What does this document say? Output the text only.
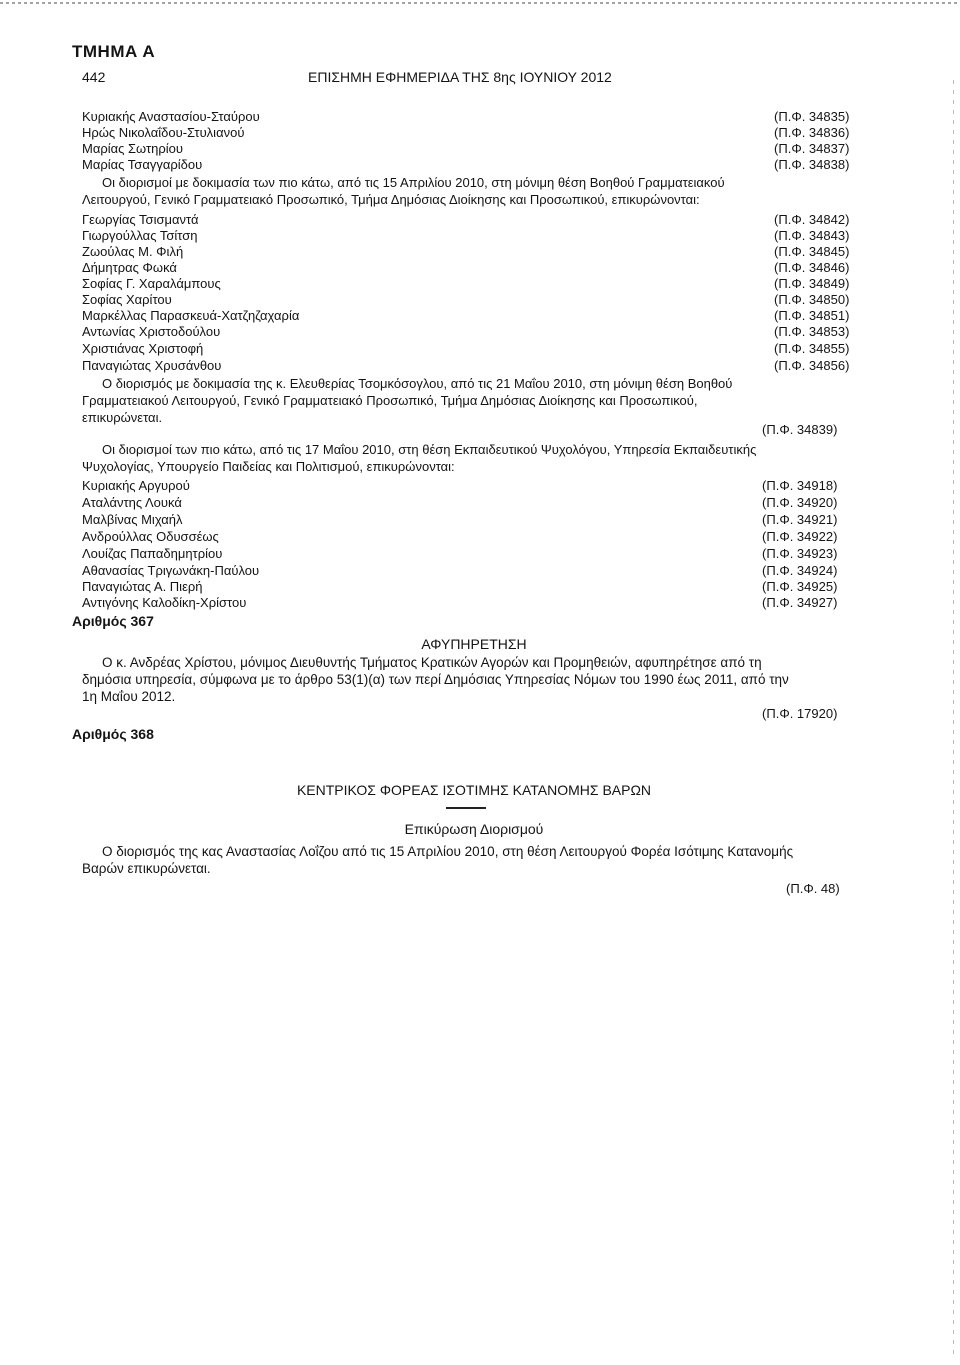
ΤΜΗΜΑ Α
442	ΕΠΙΣΗΜΗ ΕΦΗΜΕΡΙΔΑ ΤΗΣ 8ης ΙΟΥΝΙΟΥ 2012
Κυριακής Αναστασίου-Σταύρου	(Π.Φ. 34835)
Ηρώς Νικολαΐδου-Στυλιανού	(Π.Φ. 34836)
Μαρίας Σωτηρίου	(Π.Φ. 34837)
Μαρίας Τσαγγαρίδου	(Π.Φ. 34838)
Οι διορισμοί με δοκιμασία των πιο κάτω, από τις 15 Απριλίου 2010, στη μόνιμη θέση Βοηθού Γραμματειακού
Λειτουργού, Γενικό Γραμματειακό Προσωπικό, Τμήμα Δημόσιας Διοίκησης και Προσωπικού, επικυρώνονται:
Γεωργίας Τσισμαντά	(Π.Φ. 34842)
Γιωργούλλας Τσίτση	(Π.Φ. 34843)
Ζωούλας Μ. Φιλή	(Π.Φ. 34845)
Δήμητρας Φωκά	(Π.Φ. 34846)
Σοφίας Γ. Χαραλάμπους	(Π.Φ. 34849)
Σοφίας Χαρίτου	(Π.Φ. 34850)
Μαρκέλλας Παρασκευά-Χατζηζαχαρία	(Π.Φ. 34851)
Αντωνίας Χριστοδούλου	(Π.Φ. 34853)
Χριστιάνας Χριστοφή	(Π.Φ. 34855)
Παναγιώτας Χρυσάνθου	(Π.Φ. 34856)
Ο διορισμός με δοκιμασία της κ. Ελευθερίας Τσομκόσογλου, από τις 21 Μαΐου 2010, στη μόνιμη θέση Βοηθού
Γραμματειακού Λειτουργού, Γενικό Γραμματειακό Προσωπικό, Τμήμα Δημόσιας Διοίκησης και Προσωπικού,
επικυρώνεται.
(Π.Φ. 34839)
Οι διορισμοί των πιο κάτω, από τις 17 Μαΐου 2010, στη θέση Εκπαιδευτικού Ψυχολόγου, Υπηρεσία Εκπαιδευτικής
Ψυχολογίας, Υπουργείο Παιδείας και Πολιτισμού, επικυρώνονται:
Κυριακής Αργυρού	(Π.Φ. 34918)
Αταλάντης Λουκά	(Π.Φ. 34920)
Μαλβίνας Μιχαήλ	(Π.Φ. 34921)
Ανδρούλλας Οδυσσέως	(Π.Φ. 34922)
Λουίζας Παπαδημητρίου	(Π.Φ. 34923)
Αθανασίας Τριγωνάκη-Παύλου	(Π.Φ. 34924)
Παναγιώτας Α. Πιερή	(Π.Φ. 34925)
Αντιγόνης Καλοδίκη-Χρίστου	(Π.Φ. 34927)
Αριθμός 367
ΑΦΥΠΗΡΕΤΗΣΗ
Ο κ. Ανδρέας Χρίστου, μόνιμος Διευθυντής Τμήματος Κρατικών Αγορών και Προμηθειών, αφυπηρέτησε από τη
δημόσια υπηρεσία, σύμφωνα με το άρθρο 53(1)(α) των περί Δημόσιας Υπηρεσίας Νόμων του 1990 έως 2011, από την
1η Μαΐου 2012.
(Π.Φ. 17920)
Αριθμός 368
ΚΕΝΤΡΙΚΟΣ ΦΟΡΕΑΣ ΙΣΟΤΙΜΗΣ ΚΑΤΑΝΟΜΗΣ ΒΑΡΩΝ
Επικύρωση Διορισμού
Ο διορισμός της κας Αναστασίας Λοΐζου από τις 15 Απριλίου 2010, στη θέση Λειτουργού Φορέα Ισότιμης Κατανομής
Βαρών επικυρώνεται.
(Π.Φ. 48)
